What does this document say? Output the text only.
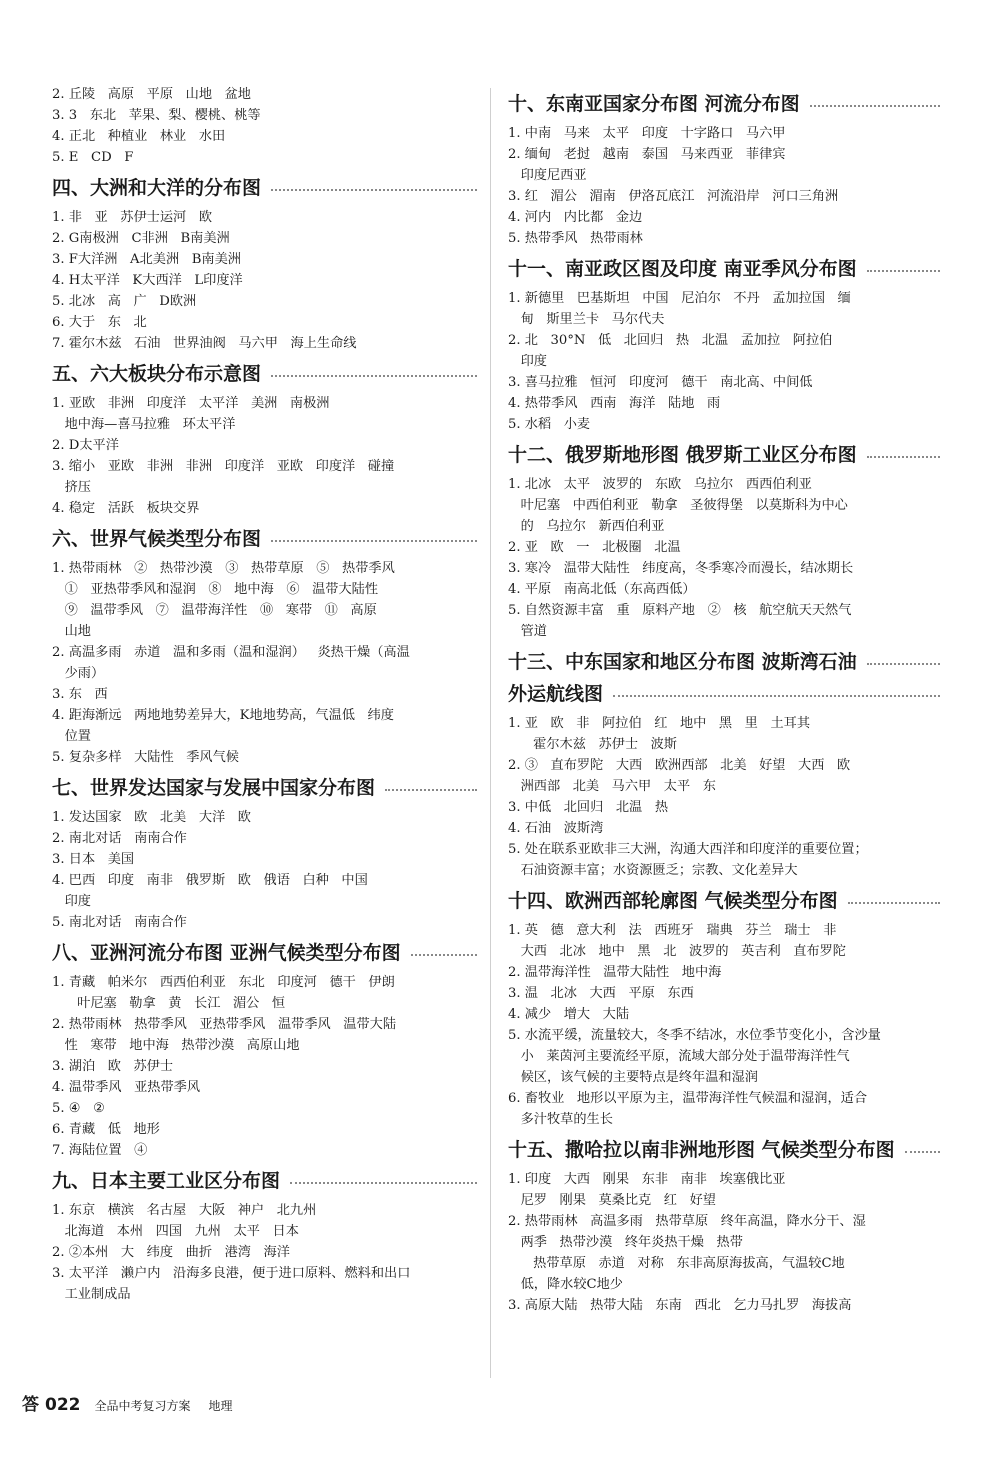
2. 丘陵   高原   平原   山地   盆地
3. 3   东北   苹果、梨、樱桃、桃等
4. 正北   种植业   林业   水田
5. E   CD   F
四、大洲和大洋的分布图
1. 非   亚   苏伊士运河   欧
2. G南极洲   C非洲   B南美洲
3. F大洋洲   A北美洲   B南美洲
4. H太平洋   K大西洋   L印度洋
5. 北冰   高   广   D欧洲
6. 大于   东   北
7. 霍尔木兹   石油   世界油阀   马六甲   海上生命线
五、六大板块分布示意图
1. 亚欧   非洲   印度洋   太平洋   美洲   南极洲
地中海—喜马拉雅   环太平洋
2. D太平洋
3. 缩小   亚欧   非洲   非洲   印度洋   亚欧   印度洋   碰撞
挤压
4. 稳定   活跃   板块交界
六、世界气候类型分布图
1. 热带雨林   ②   热带沙漠   ③   热带草原   ⑤   热带季风
①   亚热带季风和湿润   ⑧   地中海   ⑥   温带大陆性
⑨   温带季风   ⑦   温带海洋性   ⑩   寒带   ⑪   高原
山地
2. 高温多雨   赤道   温和多雨（温和湿润）   炎热干燥（高温
少雨）
3. 东   西
4. 距海渐远   两地地势差异大，K地地势高，气温低   纬度
位置
5. 复杂多样   大陆性   季风气候
七、世界发达国家与发展中国家分布图
1. 发达国家   欧   北美   大洋   欧
2. 南北对话   南南合作
3. 日本   美国
4. 巴西   印度   南非   俄罗斯   欧   俄语   白种   中国
印度
5. 南北对话   南南合作
八、亚洲河流分布图 亚洲气候类型分布图
1. 青藏   帕米尔   西西伯利亚   东北   印度河   德干   伊朗
叶尼塞   勒拿   黄   长江   湄公   恒
2. 热带雨林   热带季风   亚热带季风   温带季风   温带大陆
性   寒带   地中海   热带沙漠   高原山地
3. 湖泊   欧   苏伊士
4. 温带季风   亚热带季风
5. ④   ②
6. 青藏   低   地形
7. 海陆位置   ④
九、日本主要工业区分布图
1. 东京   横滨   名古屋   大阪   神户   北九州
北海道   本州   四国   九州   太平   日本
2. ②本州   大   纬度   曲折   港湾   海洋
3. 太平洋   濑户内   沿海多良港，便于进口原料、燃料和出口
工业制成品
十、东南亚国家分布图 河流分布图
1. 中南   马来   太平   印度   十字路口   马六甲
2. 缅甸   老挝   越南   泰国   马来西亚   菲律宾
印度尼西亚
3. 红   湄公   湄南   伊洛瓦底江   河流沿岸   河口三角洲
4. 河内   内比都   金边
5. 热带季风   热带雨林
十一、南亚政区图及印度 南亚季风分布图
1. 新德里   巴基斯坦   中国   尼泊尔   不丹   孟加拉国   缅
甸   斯里兰卡   马尔代夫
2. 北   30°N   低   北回归   热   北温   孟加拉   阿拉伯
印度
3. 喜马拉雅   恒河   印度河   德干   南北高、中间低
4. 热带季风   西南   海洋   陆地   雨
5. 水稻   小麦
十二、俄罗斯地形图 俄罗斯工业区分布图
1. 北冰   太平   波罗的   东欧   乌拉尔   西西伯利亚
叶尼塞   中西伯利亚   勒拿   圣彼得堡   以莫斯科为中心
的   乌拉尔   新西伯利亚
2. 亚   欧   一   北极圈   北温
3. 寒冷   温带大陆性   纬度高，冬季寒冷而漫长，结冰期长
4. 平原   南高北低（东高西低）
5. 自然资源丰富   重   原料产地   ②   核   航空航天天然气
管道
十三、中东国家和地区分布图 波斯湾石油
外运航线图
1. 亚   欧   非   阿拉伯   红   地中   黑   里   土耳其
霍尔木兹   苏伊士   波斯
2. ③   直布罗陀   大西   欧洲西部   北美   好望   大西   欧
洲西部   北美   马六甲   太平   东
3. 中低   北回归   北温   热
4. 石油   波斯湾
5. 处在联系亚欧非三大洲，沟通大西洋和印度洋的重要位置；
石油资源丰富；水资源匮乏；宗教、文化差异大
十四、欧洲西部轮廓图 气候类型分布图
1. 英   德   意大利   法   西班牙   瑞典   芬兰   瑞士   非
大西   北冰   地中   黑   北   波罗的   英吉利   直布罗陀
2. 温带海洋性   温带大陆性   地中海
3. 温   北冰   大西   平原   东西
4. 减少   增大   大陆
5. 水流平缓，流量较大，冬季不结冰，水位季节变化小，含沙量
小   莱茵河主要流经平原，流域大部分处于温带海洋性气
候区，该气候的主要特点是终年温和湿润
6. 畜牧业   地形以平原为主，温带海洋性气候温和湿润，适合
多汁牧草的生长
十五、撒哈拉以南非洲地形图 气候类型分布图
1. 印度   大西   刚果   东非   南非   埃塞俄比亚
尼罗   刚果   莫桑比克   红   好望
2. 热带雨林   高温多雨   热带草原   终年高温，降水分干、湿
两季   热带沙漠   终年炎热干燥   热带
热带草原   赤道   对称   东非高原海拔高，气温较C地
低，降水较C地少
3. 高原大陆   热带大陆   东南   西北   乞力马扎罗   海拔高
答 022 全品中考复习方案 地理
